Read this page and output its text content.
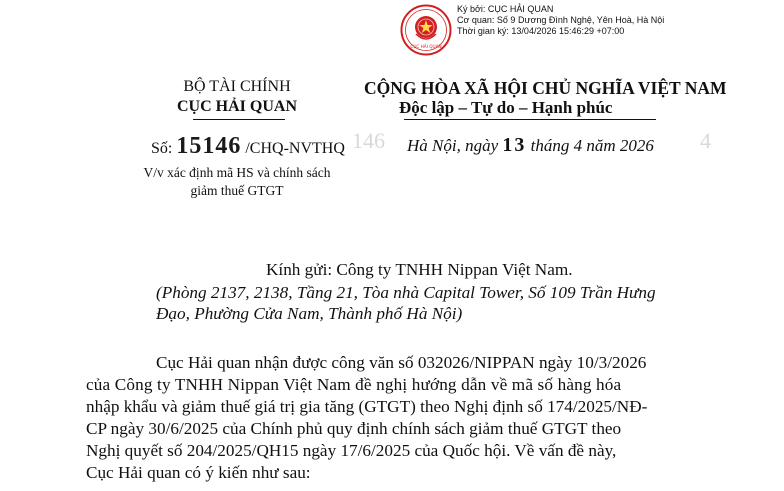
CỤC HẢI QUAN
Ký bởi: CỤC HẢI QUAN
Cơ quan: Số 9 Dương Đình Nghệ, Yên Hoà, Hà Nội
Thời gian ký: 13/04/2026 15:46:29 +07:00
BỘ TÀI CHÍNH
CỤC HẢI QUAN
CỘNG HÒA XÃ HỘI CHỦ NGHĨA VIỆT NAM
Độc lập – Tự do – Hạnh phúc
Số: 15146 /CHQ-NVTHQ 146	4
Hà Nội, ngày 13 tháng 4 năm 2026
V/v xác định mã HS và chính sách
giảm thuế GTGT
Kính gửi: Công ty TNHH Nippan Việt Nam.
(Phòng 2137, 2138, Tầng 21, Tòa nhà Capital Tower, Số 109 Trần Hưng
Đạo, Phường Cửa Nam, Thành phố Hà Nội)
Cục Hải quan nhận được công văn số 032026/NIPPAN ngày 10/3/2026
của Công ty TNHH Nippan Việt Nam đề nghị hướng dẫn về mã số hàng hóa
nhập khẩu và giảm thuế giá trị gia tăng (GTGT) theo Nghị định số 174/2025/NĐ-
CP ngày 30/6/2025 của Chính phủ quy định chính sách giảm thuế GTGT theo
Nghị quyết số 204/2025/QH15 ngày 17/6/2025 của Quốc hội. Về vấn đề này,
Cục Hải quan có ý kiến như sau:
